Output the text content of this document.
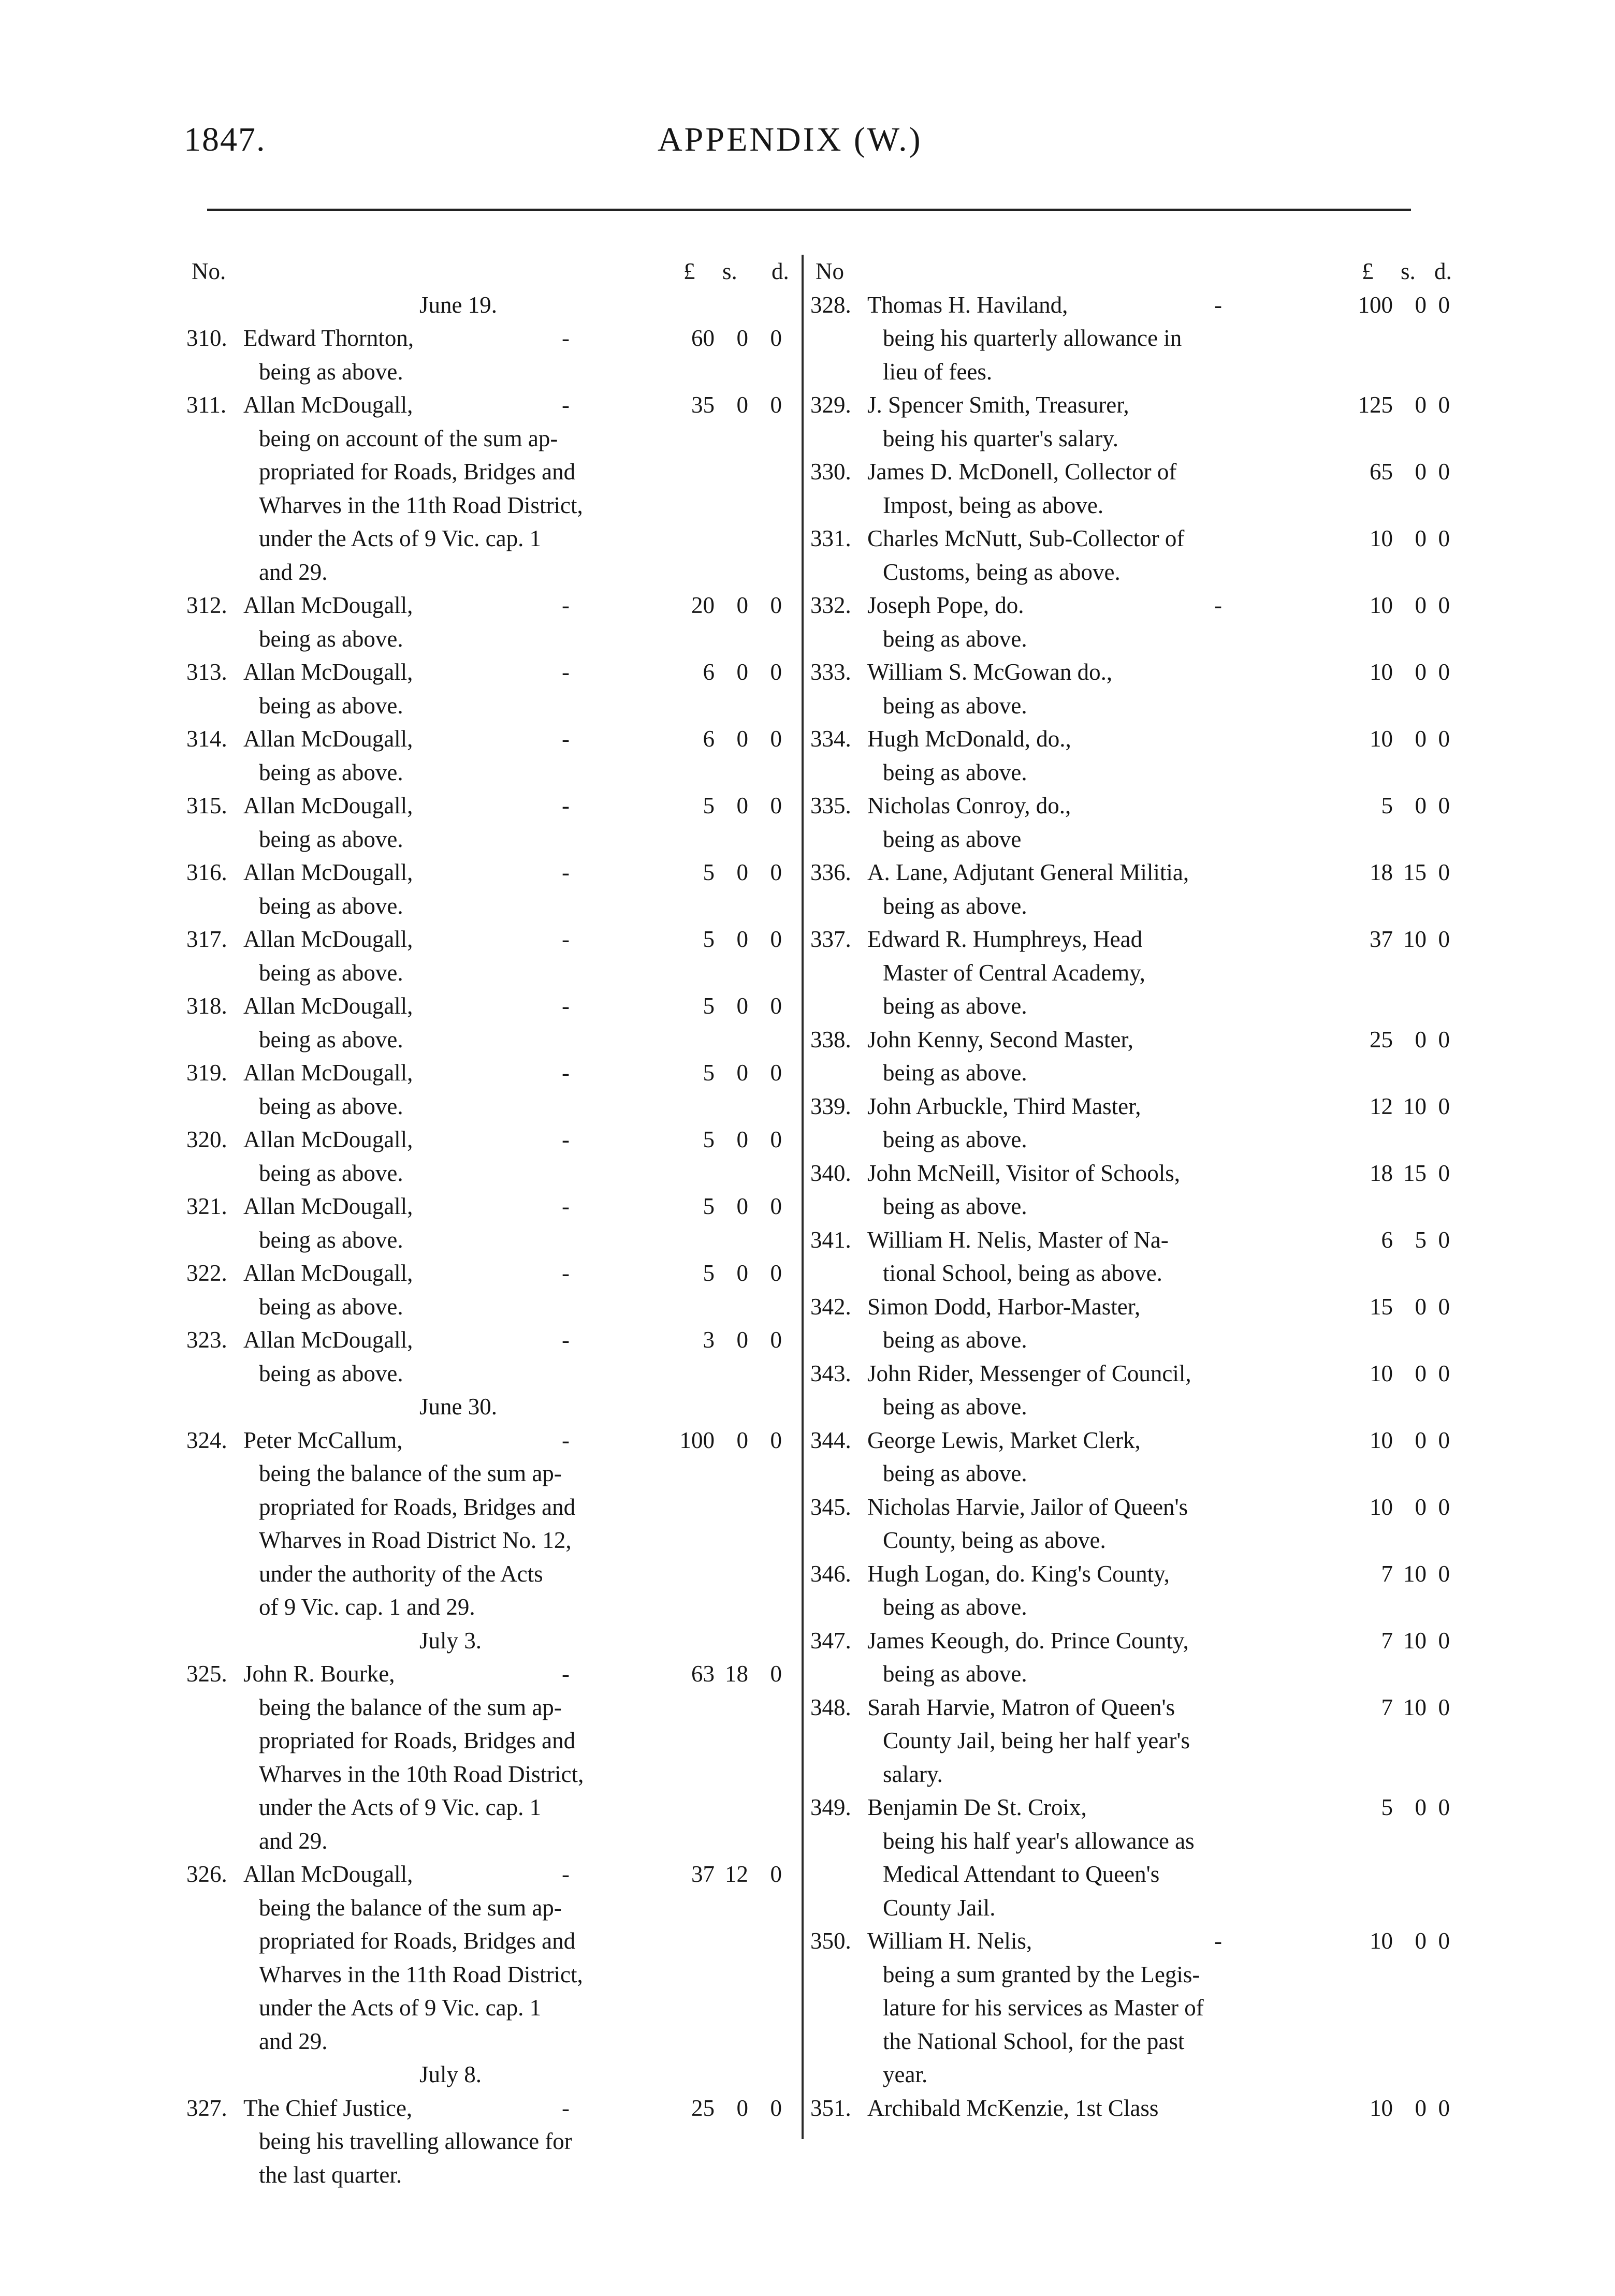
1847.	APPENDIX (W.)
No.	£ s. d.
June 19.
310. Edward Thornton,	60 0 0
-
being as above.
311. Allan McDougall,	35 0 0
-
being on account of the sum ap-
propriated for Roads, Bridges and
Wharves in the 11th Road District,
under the Acts of 9 Vic. cap. 1
and 29.
312. Allan McDougall,	20 0 0
-
being as above.
313. Allan McDougall,	6 0 0
-
being as above.
314. Allan McDougall,	6 0 0
-
being as above.
315. Allan McDougall,	5 0 0
-
being as above.
316. Allan McDougall,	5 0 0
-
being as above.
317. Allan McDougall,	5 0 0
-
being as above.
318. Allan McDougall,	5 0 0
-
being as above.
319. Allan McDougall,	5 0 0
-
being as above.
320. Allan McDougall,	5 0 0
-
being as above.
321. Allan McDougall,	5 0 0
-
being as above.
322. Allan McDougall,	5 0 0
-
being as above.
323. Allan McDougall,	3 0 0
-
being as above.
June 30.
324. Peter McCallum,	100 0 0
-
being the balance of the sum ap-
propriated for Roads, Bridges and
Wharves in Road District No. 12,
under the authority of the Acts
of 9 Vic. cap. 1 and 29.
July 3.
325. John R. Bourke,	63 18 0
-
being the balance of the sum ap-
propriated for Roads, Bridges and
Wharves in the 10th Road District,
under the Acts of 9 Vic. cap. 1
and 29.
326. Allan McDougall,	37 12 0
-
being the balance of the sum ap-
propriated for Roads, Bridges and
Wharves in the 11th Road District,
under the Acts of 9 Vic. cap. 1
and 29.
July 8.
327. The Chief Justice,	25 0 0
-
being his travelling allowance for
the last quarter.
No	£ s. d.
328. Thomas H. Haviland,	100 0 0
-
being his quarterly allowance in
lieu of fees.
329. J. Spencer Smith, Treasurer,	125 0 0
being his quarter's salary.
330. James D. McDonell, Collector of	65 0 0
Impost, being as above.
331. Charles McNutt, Sub-Collector of	10 0 0
Customs, being as above.
332. Joseph Pope, do.	10 0 0
-
being as above.
333. William S. McGowan do.,	10 0 0
being as above.
334. Hugh McDonald, do.,	10 0 0
being as above.
335. Nicholas Conroy, do.,	5 0 0
being as above
336. A. Lane, Adjutant General Militia,	18 15 0
being as above.
337. Edward R. Humphreys, Head	37 10 0
Master of Central Academy,
being as above.
338. John Kenny, Second Master,	25 0 0
being as above.
339. John Arbuckle, Third Master,	12 10 0
being as above.
340. John McNeill, Visitor of Schools,	18 15 0
being as above.
341. William H. Nelis, Master of Na-	6 5 0
tional School, being as above.
342. Simon Dodd, Harbor-Master,	15 0 0
being as above.
343. John Rider, Messenger of Council,	10 0 0
being as above.
344. George Lewis, Market Clerk,	10 0 0
being as above.
345. Nicholas Harvie, Jailor of Queen's	10 0 0
County, being as above.
346. Hugh Logan, do. King's County,	7 10 0
being as above.
347. James Keough, do. Prince County,	7 10 0
being as above.
348. Sarah Harvie, Matron of Queen's	7 10 0
County Jail, being her half year's
salary.
349. Benjamin De St. Croix,	5 0 0
being his half year's allowance as
Medical Attendant to Queen's
County Jail.
350. William H. Nelis,	10 0 0
-
being a sum granted by the Legis-
lature for his services as Master of
the National School, for the past
year.
351. Archibald McKenzie, 1st Class	10 0 0
